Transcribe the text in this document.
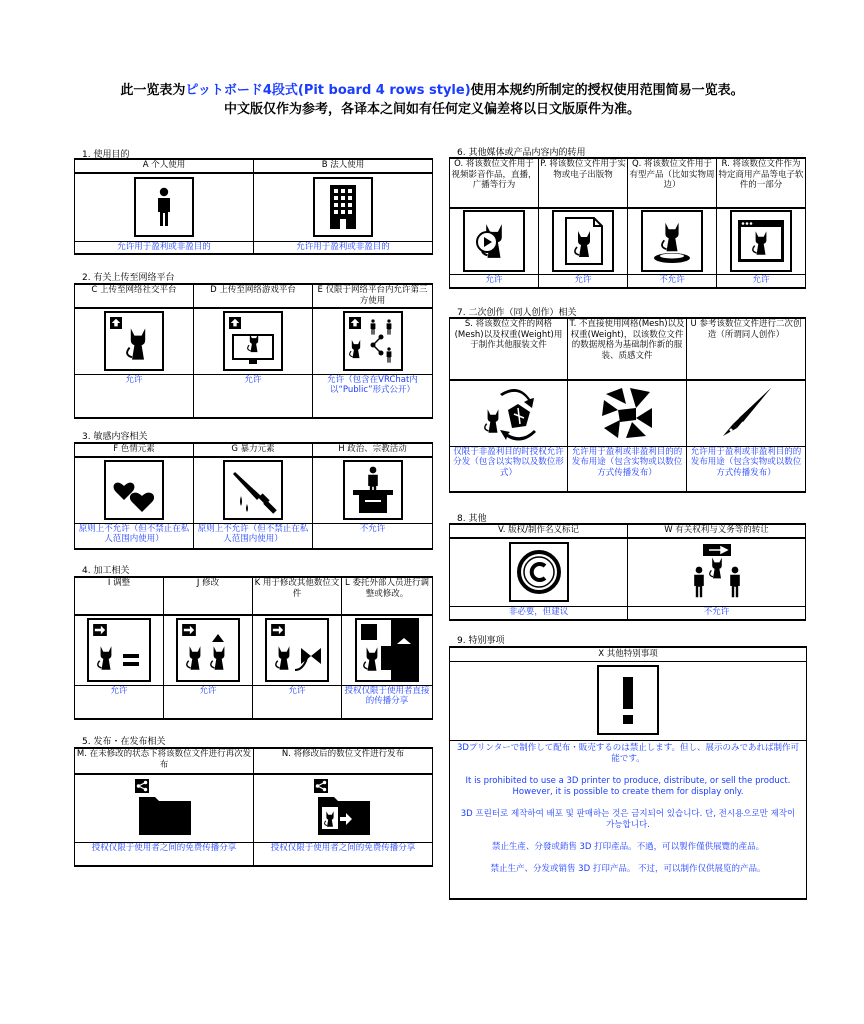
此一览表为ピットボード4段式(Pit board 4 rows style)使用本规约所制定的授权使用范围简易一览表。
中文版仅作为参考，各译本之间如有任何定义偏差将以日文版原件为准。
1. 使用目的
A 个人使用	B 法人使用

允许用于盈利或非盈目的	允许用于盈利或非盈目的
2. 有关上传至网络平台
C 上传至网络社交平台	D 上传至网络游戏平台	E 仅限于网络平台内允许第三方使用

允许	允许	允许（包含在VRChat内以“Public”形式公开）
3. 敏感内容相关
F 色情元素	G 暴力元素	H 政治、宗教活动

原则上不允许（但不禁止在私人范围内使用）	原则上不允许（但不禁止在私人范围内使用）	不允许
4. 加工相关
I 调整	J 修改	K 用于修改其他数位文件	L 委托外部人员进行调整或修改。

允许	允许	允许	授权仅限于使用者直接的传播分享
5. 发布・在发布相关
M. 在未修改的状态下将该数位文件进行再次发布	N. 将修改后的数位文件进行发布

授权仅限于使用者之间的免费传播分享	授权仅限于使用者之间的免费传播分享
6. 其他媒体或产品内容内的转用
O. 将该数位文件用于视频影音作品，直播，广播等行为	P. 将该数位文件用于实物或电子出版物	Q. 将该数位文件用于有型产品（比如实物周边）	R. 将该数位文件作为特定商用产品等电子软件的一部分

允许	允许	不允许	允许
7. 二次创作（同人创作）相关
S. 将该数位文件的网格(Mesh)以及权重(Weight)用于制作其他服装文件	T. 不直接使用网格(Mesh)以及权重(Weight)，以该数位文件的数据规格为基础制作新的服装、质感文件	U 参考该数位文件进行二次创造（所谓同人创作）

仅限于非盈利目的时授权允许分发（包含以实物以及数位形式）	允许用于盈利或非盈利目的的发布用途（包含实物或以数位方式传播发布）	允许用于盈利或非盈利目的的发布用途（包含实物或以数位方式传播发布）
8. 其他
V. 版权/制作名义标记	W 有关权利与义务等的转让

非必要，但建议	不允许
9. 特别事项
X 其他特别事项

3Dプリンターで制作して配布・販売するのは禁止します。但し、展示のみであれば制作可能です。

It is prohibited to use a 3D printer to produce, distribute, or sell the product. However, it is possible to create them for display only.

3D 프린터로 제작하여 배포 및 판매하는 것은 금지되어 있습니다. 단, 전시용으로만 제작이 가능합니다.

禁止生產、分發或銷售 3D 打印產品。不過，可以製作僅供展覽的產品。

禁止生产、分发或销售 3D 打印产品。 不过，可以制作仅供展览的产品。
